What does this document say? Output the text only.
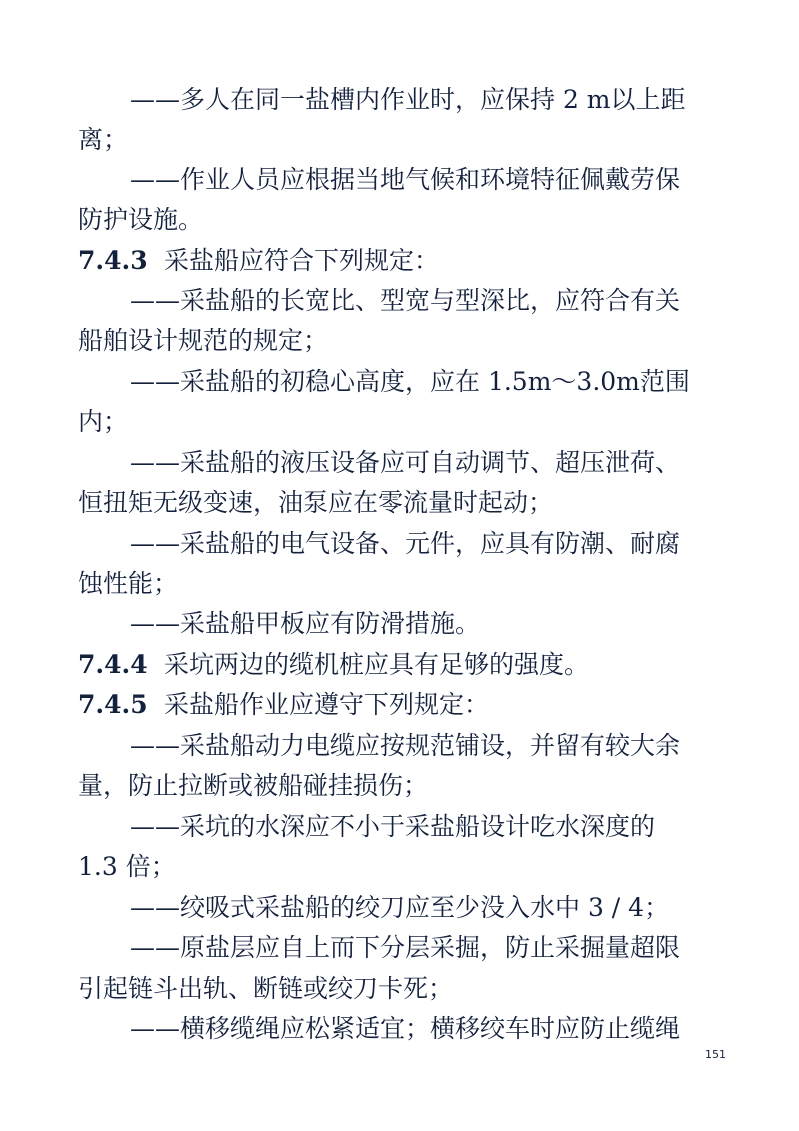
——多人在同一盐槽内作业时，应保持 2 m以上距
离；
——作业人员应根据当地气候和环境特征佩戴劳保
防护设施。
7.4.3 采盐船应符合下列规定：
——采盐船的长宽比、型宽与型深比，应符合有关
船舶设计规范的规定；
——采盐船的初稳心高度，应在 1.5m～3.0m范围
内；
——采盐船的液压设备应可自动调节、超压泄荷、
恒扭矩无级变速，油泵应在零流量时起动；
——采盐船的电气设备、元件，应具有防潮、耐腐
蚀性能；
——采盐船甲板应有防滑措施。
7.4.4 采坑两边的缆机桩应具有足够的强度。
7.4.5 采盐船作业应遵守下列规定：
——采盐船动力电缆应按规范铺设，并留有较大余
量，防止拉断或被船碰挂损伤；
——采坑的水深应不小于采盐船设计吃水深度的
1.3 倍；
——绞吸式采盐船的绞刀应至少没入水中 3 / 4；
——原盐层应自上而下分层采掘，防止采掘量超限
引起链斗出轨、断链或绞刀卡死；
——横移缆绳应松紧适宜；横移绞车时应防止缆绳
151
